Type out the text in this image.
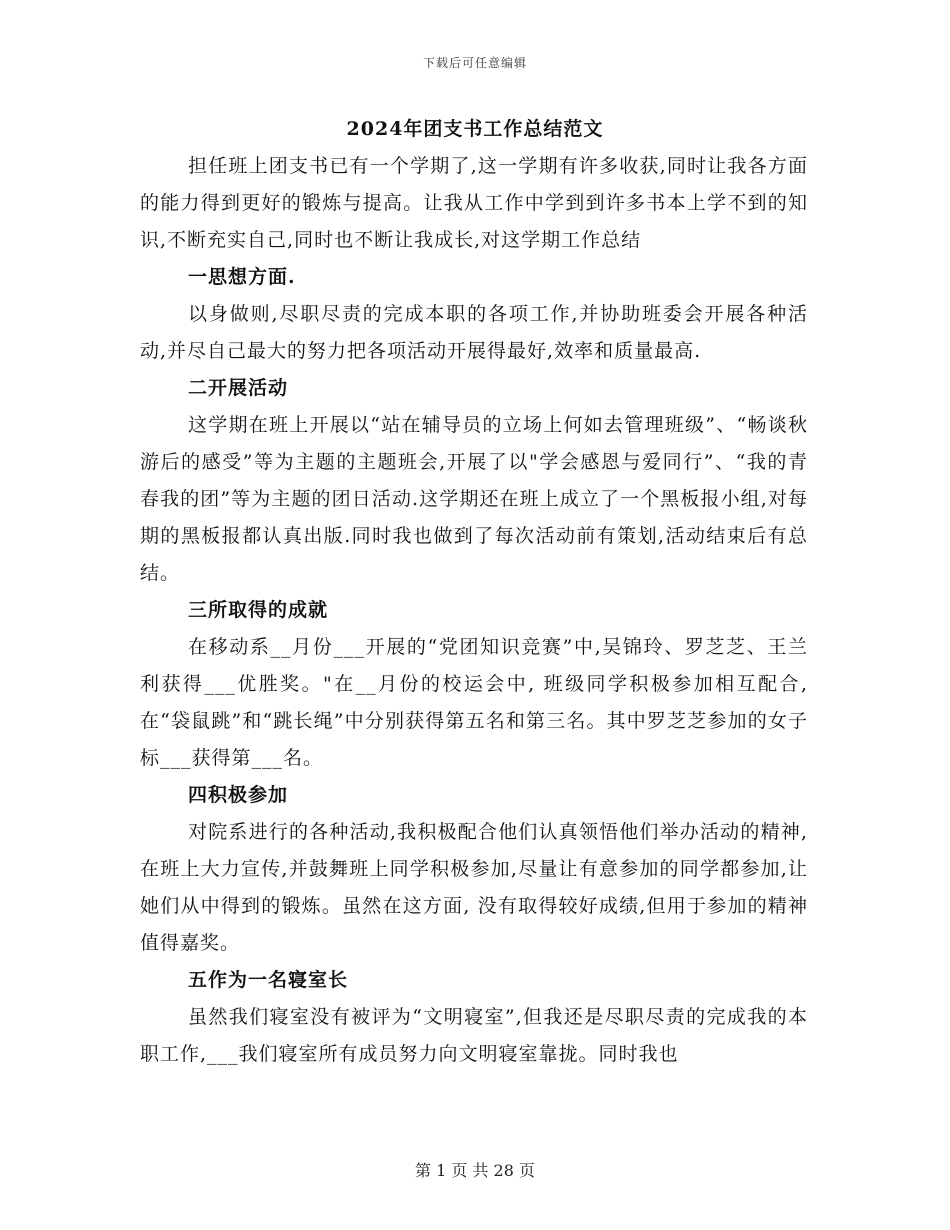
下载后可任意编辑
2024年团支书工作总结范文

担任班上团支书已有一个学期了,这一学期有许多收获,同时让我各方面的能力得到更好的锻炼与提高。让我从工作中学到到许多书本上学不到的知识,不断充实自己,同时也不断让我成长,对这学期工作总结

一思想方面.

以身做则,尽职尽责的完成本职的各项工作,并协助班委会开展各种活动,并尽自己最大的努力把各项活动开展得最好,效率和质量最高.

二开展活动

这学期在班上开展以“站在辅导员的立场上何如去管理班级”、“畅谈秋游后的感受”等为主题的主题班会,开展了以"学会感恩与爱同行”、“我的青春我的团”等为主题的团日活动.这学期还在班上成立了一个黑板报小组,对每期的黑板报都认真出版.同时我也做到了每次活动前有策划,活动结束后有总结。

三所取得的成就

在移动系__月份___开展的“党团知识竞赛”中,吴锦玲、罗芝芝、王兰利获得___优胜奖。"在__月份的校运会中, 班级同学积极参加相互配合, 在“袋鼠跳”和“跳长绳”中分别获得第五名和第三名。其中罗芝芝参加的女子标___获得第___名。

四积极参加

对院系进行的各种活动,我积极配合他们认真领悟他们举办活动的精神,在班上大力宣传,并鼓舞班上同学积极参加,尽量让有意参加的同学都参加,让她们从中得到的锻炼。虽然在这方面, 没有取得较好成绩,但用于参加的精神值得嘉奖。

五作为一名寝室长

虽然我们寝室没有被评为“文明寝室”,但我还是尽职尽责的完成我的本职工作,___我们寝室所有成员努力向文明寝室靠拢。同时我也

第 1 页 共 28 页
